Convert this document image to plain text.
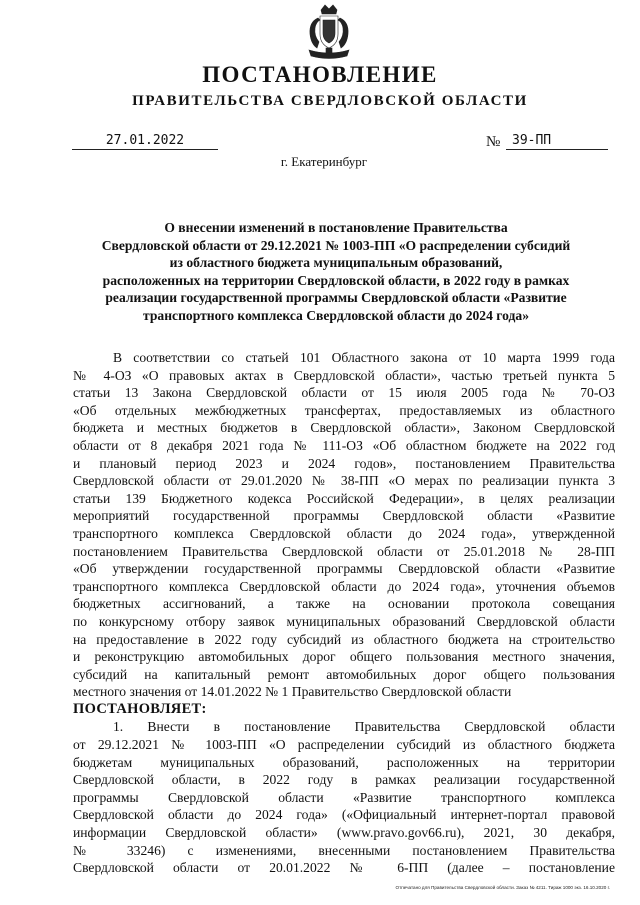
ПОСТАНОВЛЕНИЕ
ПРАВИТЕЛЬСТВА СВЕРДЛОВСКОЙ ОБЛАСТИ
27.01.2022	№ 39-ПП
г. Екатеринбург
О внесении изменений в постановление Правительства
Свердловской области от 29.12.2021 № 1003-ПП «О распределении субсидий
из областного бюджета муниципальным образований,
расположенных на территории Свердловской области, в 2022 году в рамках
реализации государственной программы Свердловской области «Развитие
транспортного комплекса Свердловской области до 2024 года»
В соответствии со статьей 101 Областного закона от 10 марта 1999 года
№ 4-ОЗ «О правовых актах в Свердловской области», частью третьей пункта 5
статьи 13 Закона Свердловской области от 15 июля 2005 года № 70-ОЗ
«Об отдельных межбюджетных трансфертах, предоставляемых из областного
бюджета и местных бюджетов в Свердловской области», Законом Свердловской
области от 8 декабря 2021 года № 111-ОЗ «Об областном бюджете на 2022 год
и плановый период 2023 и 2024 годов», постановлением Правительства
Свердловской области от 29.01.2020 № 38-ПП «О мерах по реализации пункта 3
статьи 139 Бюджетного кодекса Российской Федерации», в целях реализации
мероприятий государственной программы Свердловской области «Развитие
транспортного комплекса Свердловской области до 2024 года», утвержденной
постановлением Правительства Свердловской области от 25.01.2018 № 28-ПП
«Об утверждении государственной программы Свердловской области «Развитие
транспортного комплекса Свердловской области до 2024 года», уточнения объемов
бюджетных ассигнований, а также на основании протокола совещания
по конкурсному отбору заявок муниципальных образований Свердловской области
на предоставление в 2022 году субсидий из областного бюджета на строительство
и реконструкцию автомобильных дорог общего пользования местного значения,
субсидий на капитальный ремонт автомобильных дорог общего пользования
местного значения от 14.01.2022 № 1 Правительство Свердловской области
ПОСТАНОВЛЯЕТ:
1. Внести в постановление Правительства Свердловской области
от 29.12.2021 № 1003-ПП «О распределении субсидий из областного бюджета
бюджетам муниципальных образований, расположенных на территории
Свердловской области, в 2022 году в рамках реализации государственной
программы Свердловской области «Развитие транспортного комплекса
Свердловской области до 2024 года» («Официальный интернет-портал правовой
информации Свердловской области» (www.pravo.gov66.ru), 2021, 30 декабря,
№ 33246) с изменениями, внесенными постановлением Правительства
Свердловской области от 20.01.2022 № 6-ПП (далее – постановление
Отпечатано для Правительства Свердловской области. Заказ № 4211. Тираж 1000 экз. 16.10.2020 г.
